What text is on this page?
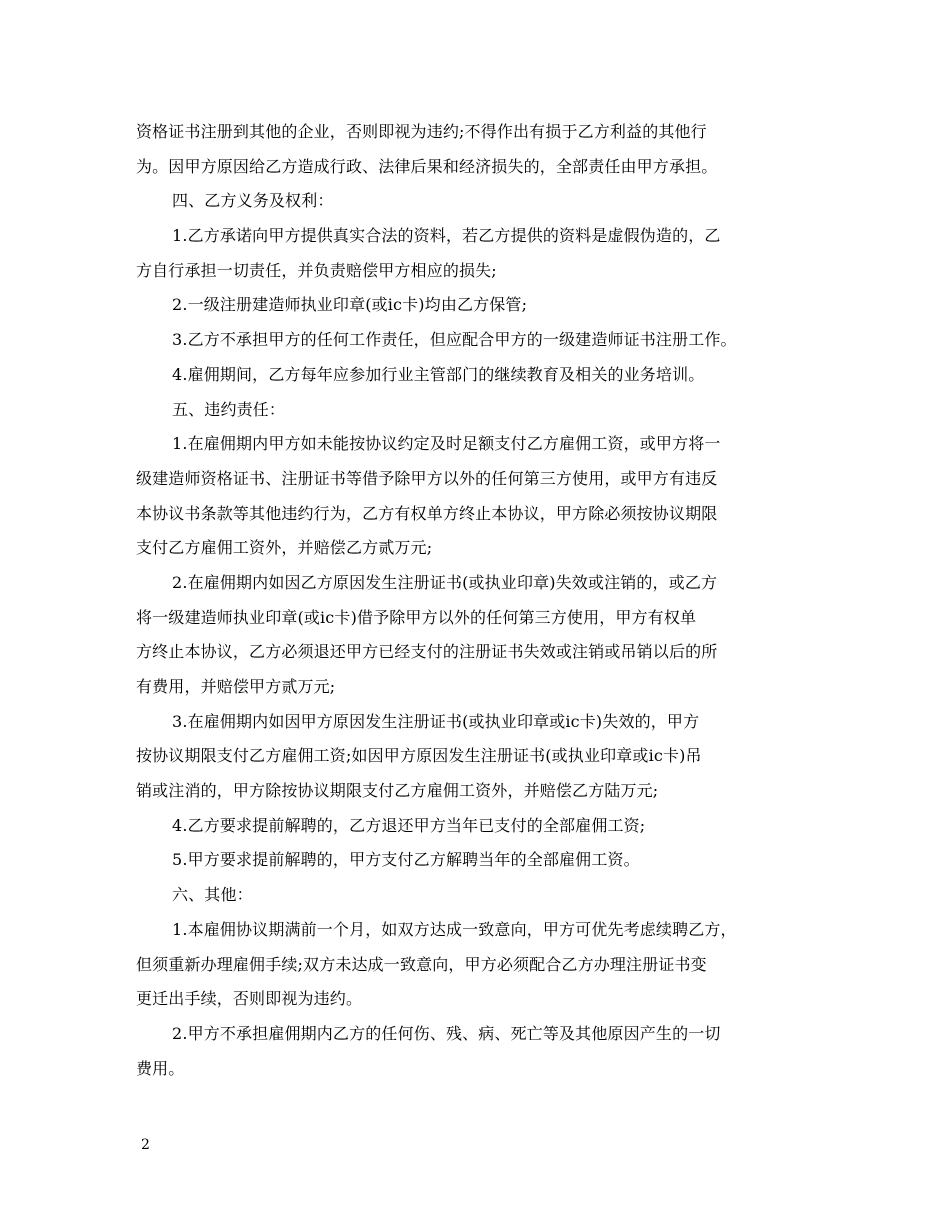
资格证书注册到其他的企业，否则即视为违约;不得作出有损于乙方利益的其他行
为。因甲方原因给乙方造成行政、法律后果和经济损失的，全部责任由甲方承担。
四、乙方义务及权利：
1.乙方承诺向甲方提供真实合法的资料，若乙方提供的资料是虚假伪造的，乙
方自行承担一切责任，并负责赔偿甲方相应的损失;
2.一级注册建造师执业印章(或ic卡)均由乙方保管;
3.乙方不承担甲方的任何工作责任，但应配合甲方的一级建造师证书注册工作。
4.雇佣期间，乙方每年应参加行业主管部门的继续教育及相关的业务培训。
五、违约责任：
1.在雇佣期内甲方如未能按协议约定及时足额支付乙方雇佣工资，或甲方将一
级建造师资格证书、注册证书等借予除甲方以外的任何第三方使用，或甲方有违反
本协议书条款等其他违约行为，乙方有权单方终止本协议，甲方除必须按协议期限
支付乙方雇佣工资外，并赔偿乙方贰万元;
2.在雇佣期内如因乙方原因发生注册证书(或执业印章)失效或注销的，或乙方
将一级建造师执业印章(或ic卡)借予除甲方以外的任何第三方使用，甲方有权单
方终止本协议，乙方必须退还甲方已经支付的注册证书失效或注销或吊销以后的所
有费用，并赔偿甲方贰万元;
3.在雇佣期内如因甲方原因发生注册证书(或执业印章或ic卡)失效的，甲方
按协议期限支付乙方雇佣工资;如因甲方原因发生注册证书(或执业印章或ic卡)吊
销或注消的，甲方除按协议期限支付乙方雇佣工资外，并赔偿乙方陆万元;
4.乙方要求提前解聘的，乙方退还甲方当年已支付的全部雇佣工资;
5.甲方要求提前解聘的，甲方支付乙方解聘当年的全部雇佣工资。
六、其他：
1.本雇佣协议期满前一个月，如双方达成一致意向，甲方可优先考虑续聘乙方，
但须重新办理雇佣手续;双方未达成一致意向，甲方必须配合乙方办理注册证书变
更迁出手续，否则即视为违约。
2.甲方不承担雇佣期内乙方的任何伤、残、病、死亡等及其他原因产生的一切
费用。
2
